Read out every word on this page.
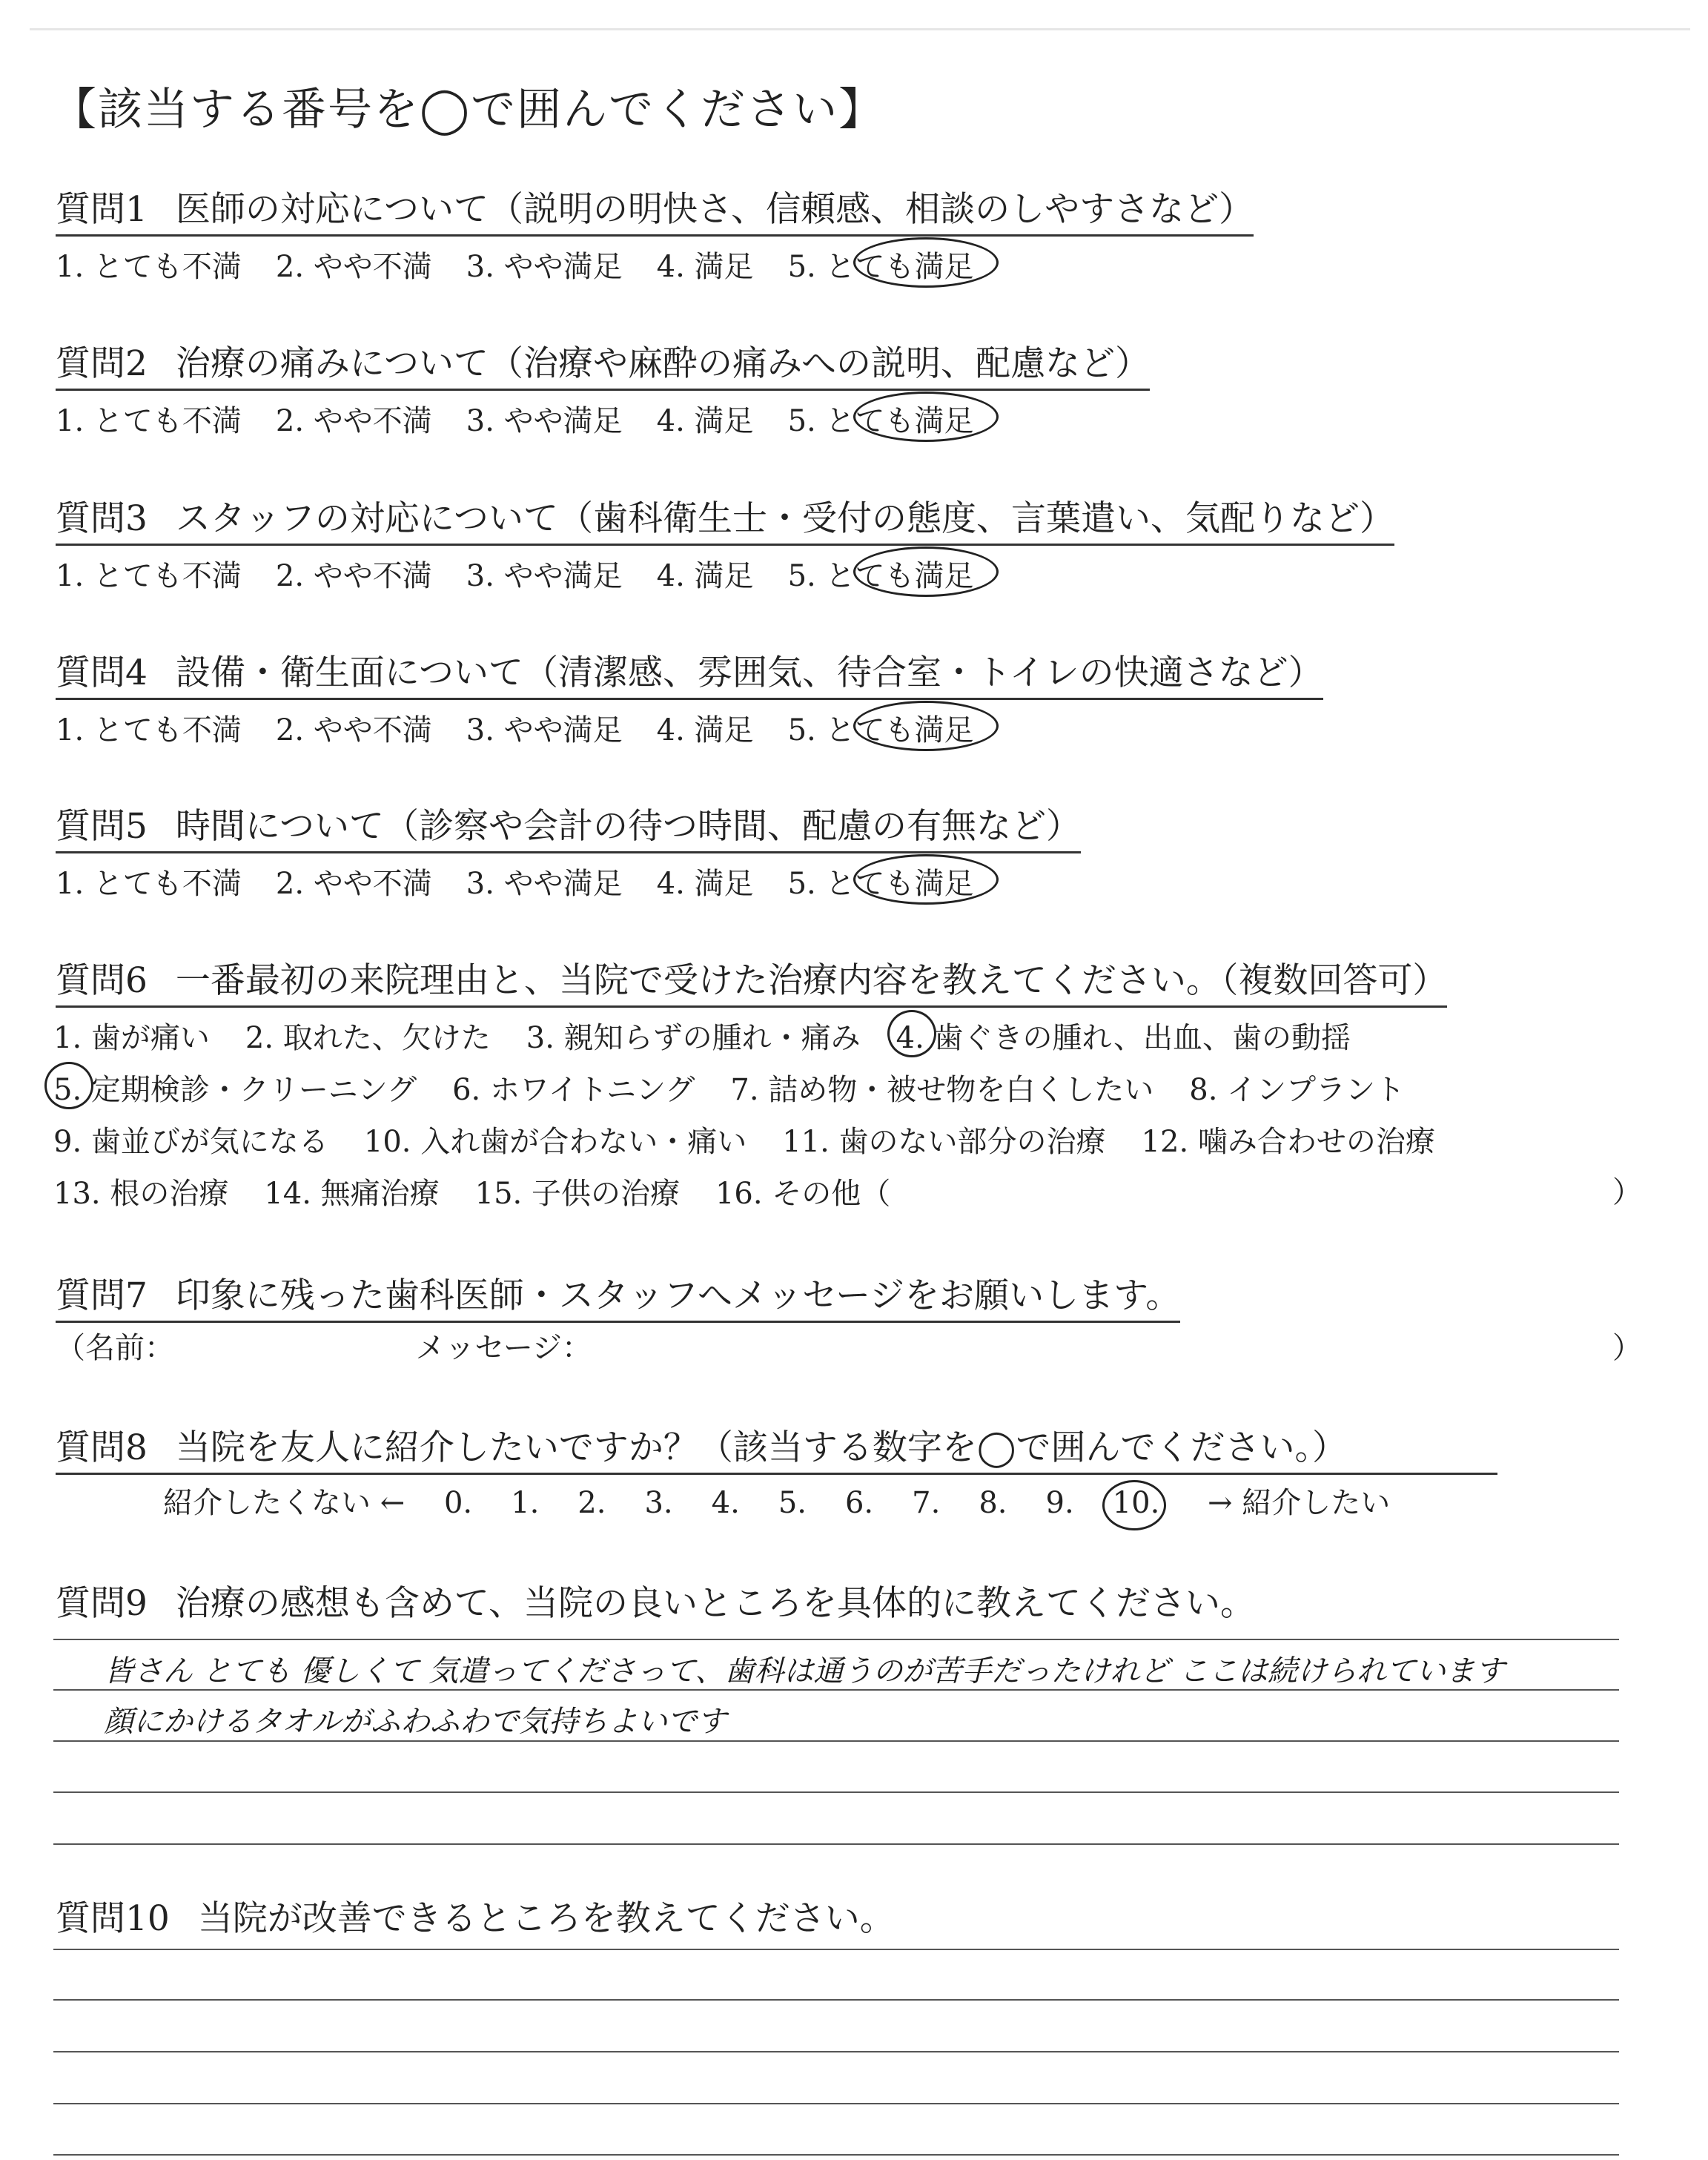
【該当する番号を◯で囲んでください】
質問1 医師の対応について（説明の明快さ、信頼感、相談のしやすさなど）
1. とても不満 2. やや不満 3. やや満足 4. 満足 5. とても満足
質問2 治療の痛みについて（治療や麻酔の痛みへの説明、配慮など）
1. とても不満 2. やや不満 3. やや満足 4. 満足 5. とても満足
質問3 スタッフの対応について（歯科衛生士・受付の態度、言葉遣い、気配りなど）
1. とても不満 2. やや不満 3. やや満足 4. 満足 5. とても満足
質問4 設備・衛生面について（清潔感、雰囲気、待合室・トイレの快適さなど）
1. とても不満 2. やや不満 3. やや満足 4. 満足 5. とても満足
質問5 時間について（診察や会計の待つ時間、配慮の有無など）
1. とても不満 2. やや不満 3. やや満足 4. 満足 5. とても満足
質問6 一番最初の来院理由と、当院で受けた治療内容を教えてください。（複数回答可）
1. 歯が痛い 2. 取れた、欠けた 3. 親知らずの腫れ・痛み 4. 歯ぐきの腫れ、出血、歯の動揺
5. 定期検診・クリーニング 6. ホワイトニング 7. 詰め物・被せ物を白くしたい 8. インプラント
9. 歯並びが気になる 10. 入れ歯が合わない・痛い 11. 歯のない部分の治療 12. 噛み合わせの治療
13. 根の治療 14. 無痛治療 15. 子供の治療 16. その他（	）
質問7 印象に残った歯科医師・スタッフへメッセージをお願いします。
（名前：	メッセージ：	）
質問8 当院を友人に紹介したいですか？（該当する数字を◯で囲んでください。）
紹介したくない ← 0. 1. 2. 3. 4. 5. 6. 7. 8. 9. 10. → 紹介したい
質問9 治療の感想も含めて、当院の良いところを具体的に教えてください。
皆さん とても 優しくて 気遣ってくださって、歯科は通うのが苦手だったけれど ここは続けられています
顔にかけるタオルがふわふわで気持ちよいです
質問10 当院が改善できるところを教えてください。
